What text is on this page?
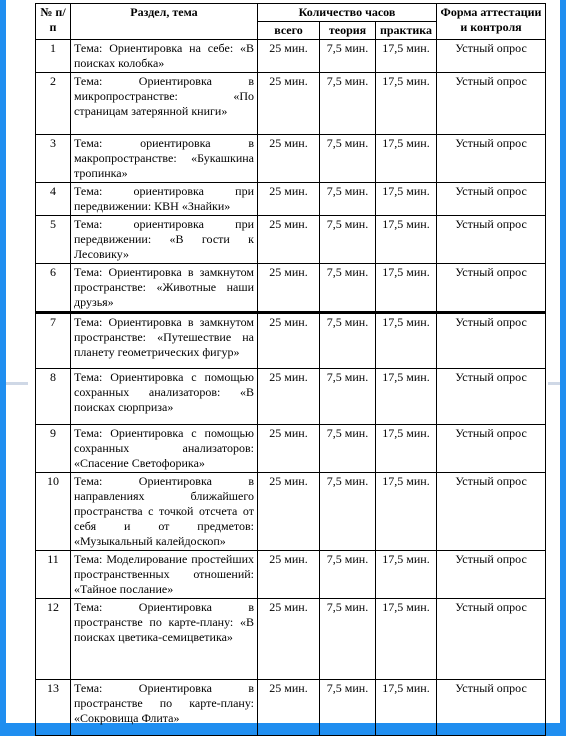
№ п/п	Раздел, тема	Количество часов			Форма аттестации и контроля
		всего	теория	практика	
1	Тема: Ориентировка на себе: «В поисках колобка»	25 мин.	7,5 мин.	17,5 мин.	Устный опрос
2	Тема: Ориентировка в микропространстве: «По страницам затерянной книги»	25 мин.	7,5 мин.	17,5 мин.	Устный опрос
3	Тема: ориентировка в макропространстве: «Букашкина тропинка»	25 мин.	7,5 мин.	17,5 мин.	Устный опрос
4	Тема: ориентировка при передвижении: КВН «Знайки»	25 мин.	7,5 мин.	17,5 мин.	Устный опрос
5	Тема: ориентировка при передвижении: «В гости к Лесовику»	25 мин.	7,5 мин.	17,5 мин.	Устный опрос
6	Тема: Ориентировка в замкнутом пространстве: «Животные наши друзья»	25 мин.	7,5 мин.	17,5 мин.	Устный опрос
7	Тема: Ориентировка в замкнутом пространстве: «Путешествие на планету геометрических фигур»	25 мин.	7,5 мин.	17,5 мин.	Устный опрос
8	Тема: Ориентировка с помощью сохранных анализаторов: «В поисках сюрприза»	25 мин.	7,5 мин.	17,5 мин.	Устный опрос
9	Тема: Ориентировка с помощью сохранных анализаторов: «Спасение Светофорика»	25 мин.	7,5 мин.	17,5 мин.	Устный опрос
10	Тема: Ориентировка в направлениях ближайшего пространства с точкой отсчета от себя и от предметов: «Музыкальный калейдоскоп»	25 мин.	7,5 мин.	17,5 мин.	Устный опрос
11	Тема: Моделирование простейших пространственных отношений: «Тайное послание»	25 мин.	7,5 мин.	17,5 мин.	Устный опрос
12	Тема: Ориентировка в пространстве по карте-плану: «В поисках цветика-семицветика»	25 мин.	7,5 мин.	17,5 мин.	Устный опрос
13	Тема: Ориентировка в пространстве по карте-плану: «Сокровища Флита»	25 мин.	7,5 мин.	17,5 мин.	Устный опрос
